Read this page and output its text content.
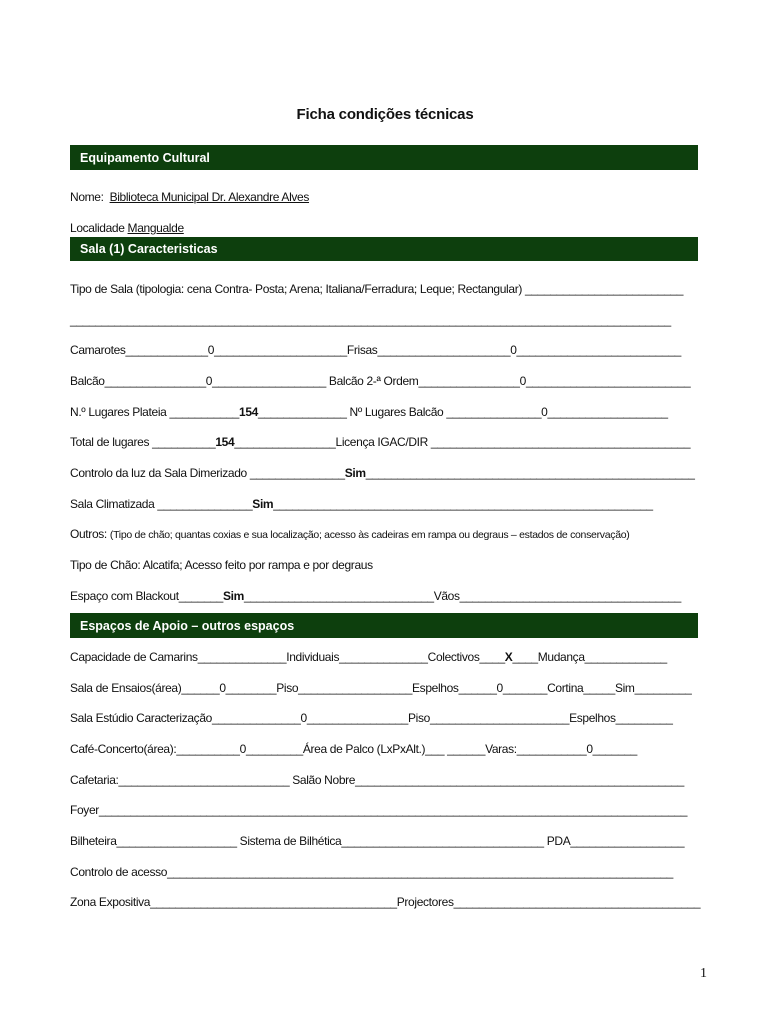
Ficha condições técnicas
Equipamento Cultural
Nome:  Biblioteca Municipal Dr. Alexandre Alves
Localidade Mangualde
Sala (1) Caracteristicas
Tipo de Sala (tipologia: cena Contra- Posta; Arena; Italiana/Ferradura; Leque; Rectangular) _________________________
_______________________________________________________________________________________________
Camarotes_____________0_____________________Frisas_____________________0__________________________
Balcão________________0__________________ Balcão 2-ª Ordem________________0__________________________
N.º Lugares Plateia ___________154______________ Nº Lugares Balcão _______________0___________________
Total de lugares __________154________________Licença IGAC/DIR _________________________________________
Controlo da luz da Sala Dimerizado _______________Sim____________________________________________________
Sala Climatizada _______________Sim____________________________________________________________
Outros: (Tipo de chão; quantas coxias e sua localização; acesso às cadeiras em rampa ou degraus – estados de conservação)
Tipo de Chão: Alcatifa; Acesso feito por rampa e por degraus
Espaço com Blackout_______Sim______________________________Vãos___________________________________
Espaços de Apoio – outros espaços
Capacidade de Camarins______________Individuais______________Colectivos____X____Mudança_____________
Sala de Ensaios(área)______0________Piso__________________Espelhos______0_______Cortina_____Sim_________
Sala Estúdio Caracterização______________0________________Piso______________________Espelhos_________
Café-Concerto(área):__________0_________Área de Palco (LxPxAlt.)___ ______Varas:___________0_______
Cafetaria:___________________________ Salão Nobre____________________________________________________
Foyer_____________________________________________________________________________________________
Bilheteira___________________ Sistema de Bilhética________________________________ PDA__________________
Controlo de acesso________________________________________________________________________________
Zona Expositiva_______________________________________Projectores_______________________________________
1
